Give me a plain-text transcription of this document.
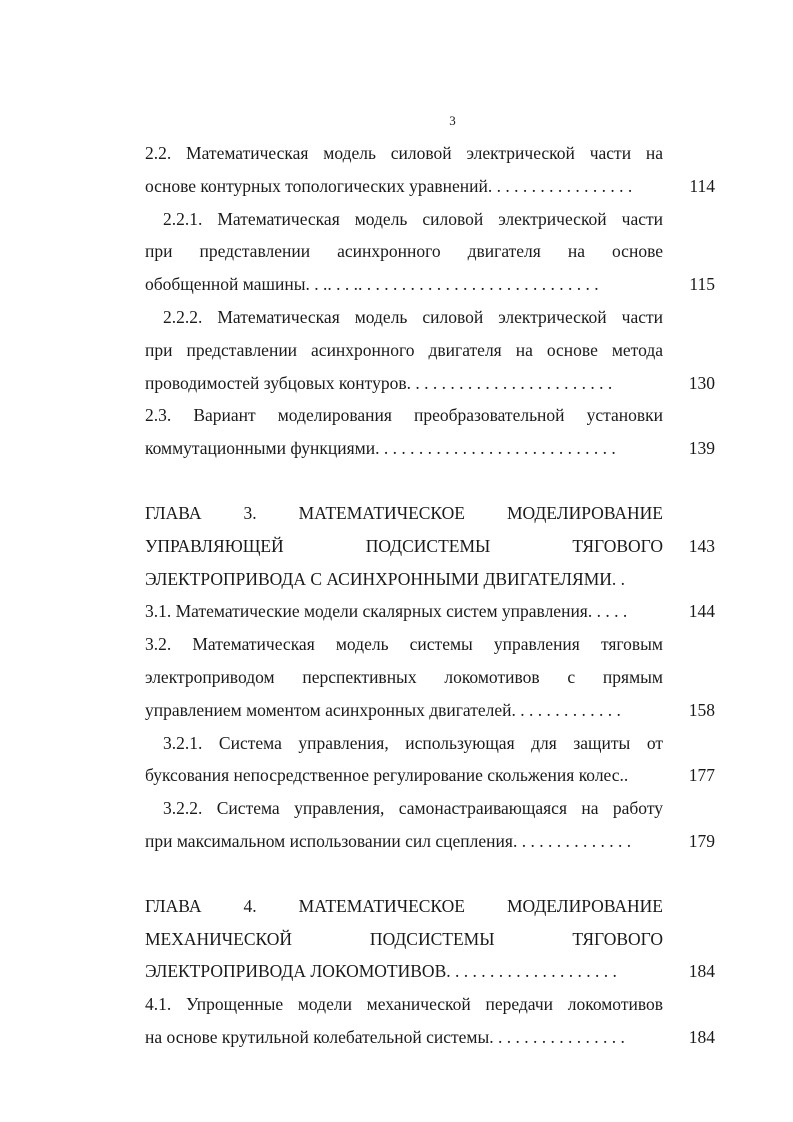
3
2.2. Математическая модель силовой электрической части на
основе контурных топологических уравнений. . . . . . . . . . . . . . . . .	114
2.2.1. Математическая модель силовой электрической части
при представлении асинхронного двигателя на основе
обобщенной машины. . .. . . .. . . . . . . . . . . . . . . . . . . . . . . . . . . .	115
2.2.2. Математическая модель силовой электрической части
при представлении асинхронного двигателя на основе метода
проводимостей зубцовых контуров. . . . . . . . . . . . . . . . . . . . . . . .	130
2.3. Вариант моделирования преобразовательной установки
коммутационными функциями. . . . . . . . . . . . . . . . . . . . . . . . . . . .	139
ГЛАВА 3. МАТЕМАТИЧЕСКОЕ МОДЕЛИРОВАНИЕ
УПРАВЛЯЮЩЕЙ ПОДСИСТЕМЫ ТЯГОВОГО	143
ЭЛЕКТРОПРИВОДА С АСИНХРОННЫМИ ДВИГАТЕЛЯМИ. .
3.1. Математические модели скалярных систем управления. . . . .	144
3.2. Математическая модель системы управления тяговым
электроприводом перспективных локомотивов с прямым
управлением моментом асинхронных двигателей. . . . . . . . . . . . .	158
3.2.1. Система управления, использующая для защиты от
буксования непосредственное регулирование скольжения колес..	177
3.2.2. Система управления, самонастраивающаяся на работу
при максимальном использовании сил сцепления. . . . . . . . . . . . . .	179
ГЛАВА 4. МАТЕМАТИЧЕСКОЕ МОДЕЛИРОВАНИЕ
МЕХАНИЧЕСКОЙ ПОДСИСТЕМЫ ТЯГОВОГО
ЭЛЕКТРОПРИВОДА ЛОКОМОТИВОВ. . . . . . . . . . . . . . . . . . . .	184
4.1. Упрощенные модели механической передачи локомотивов
на основе крутильной колебательной системы. . . . . . . . . . . . . . . .	184
